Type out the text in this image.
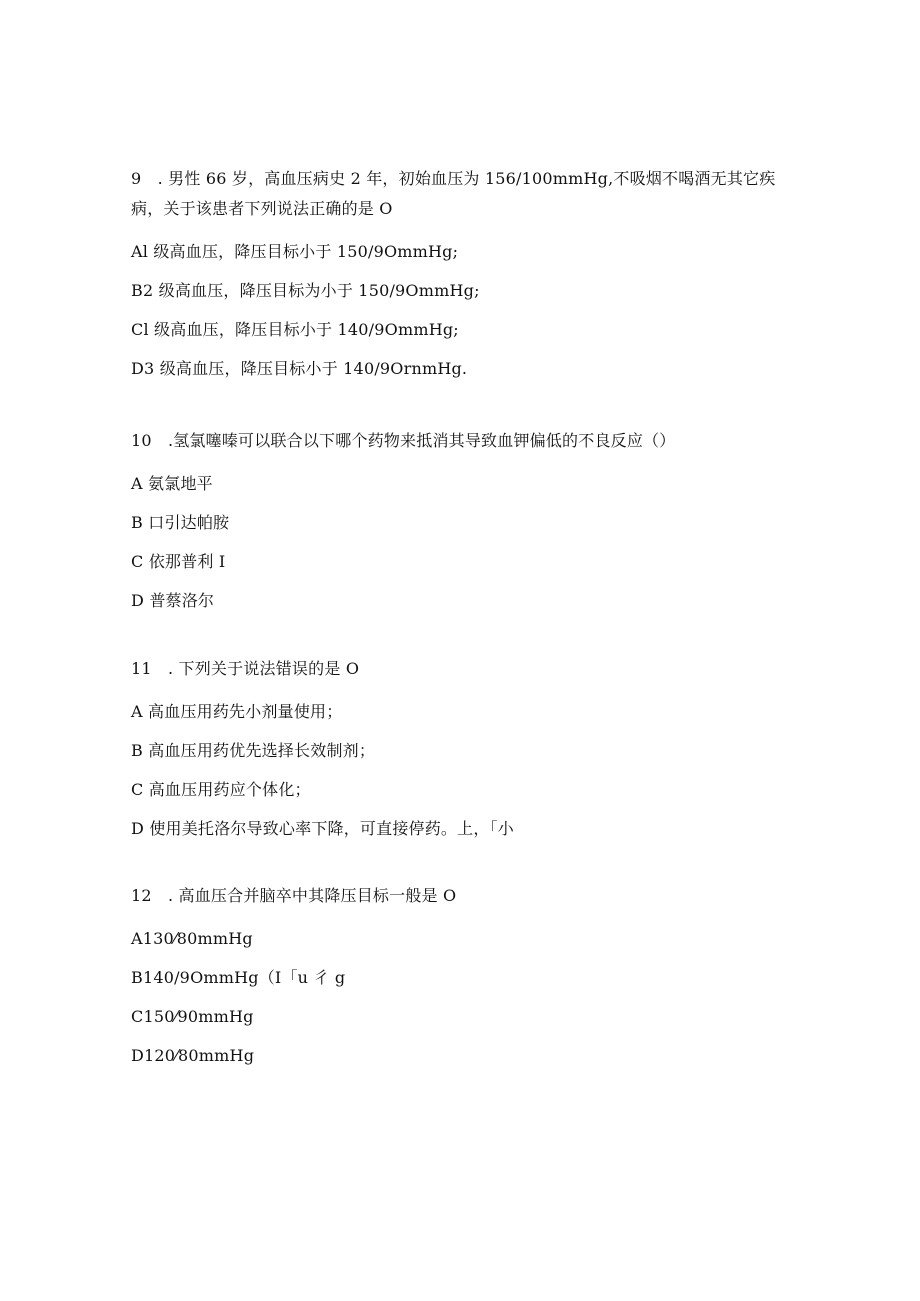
9　. 男性 66 岁，高血压病史 2 年，初始血压为 156/100mmHg,不吸烟不喝酒无其它疾病，关于该患者下列说法正确的是 O

Al 级高血压，降压目标小于 150/9OmmHg;

B2 级高血压，降压目标为小于 150/9OmmHg;

Cl 级高血压，降压目标小于 140/9OmmHg;

D3 级高血压，降压目标小于 140/9OrnmHg.

10　.氢氯噻嗪可以联合以下哪个药物来抵消其导致血钾偏低的不良反应（）

A 氨氯地平

B 口引达帕胺

C 依那普利 I

D 普蔡洛尔

11　. 下列关于说法错误的是 O

A 高血压用药先小剂量使用；

B 高血压用药优先选择长效制剂；

C 高血压用药应个体化；

D 使用美托洛尔导致心率下降，可直接停药。上，「小

12　. 高血压合并脑卒中其降压目标一般是 O

A130⁄80mmHg

B140/9OmmHg（I「u 彳 g

C150⁄90mmHg

D120⁄80mmHg
